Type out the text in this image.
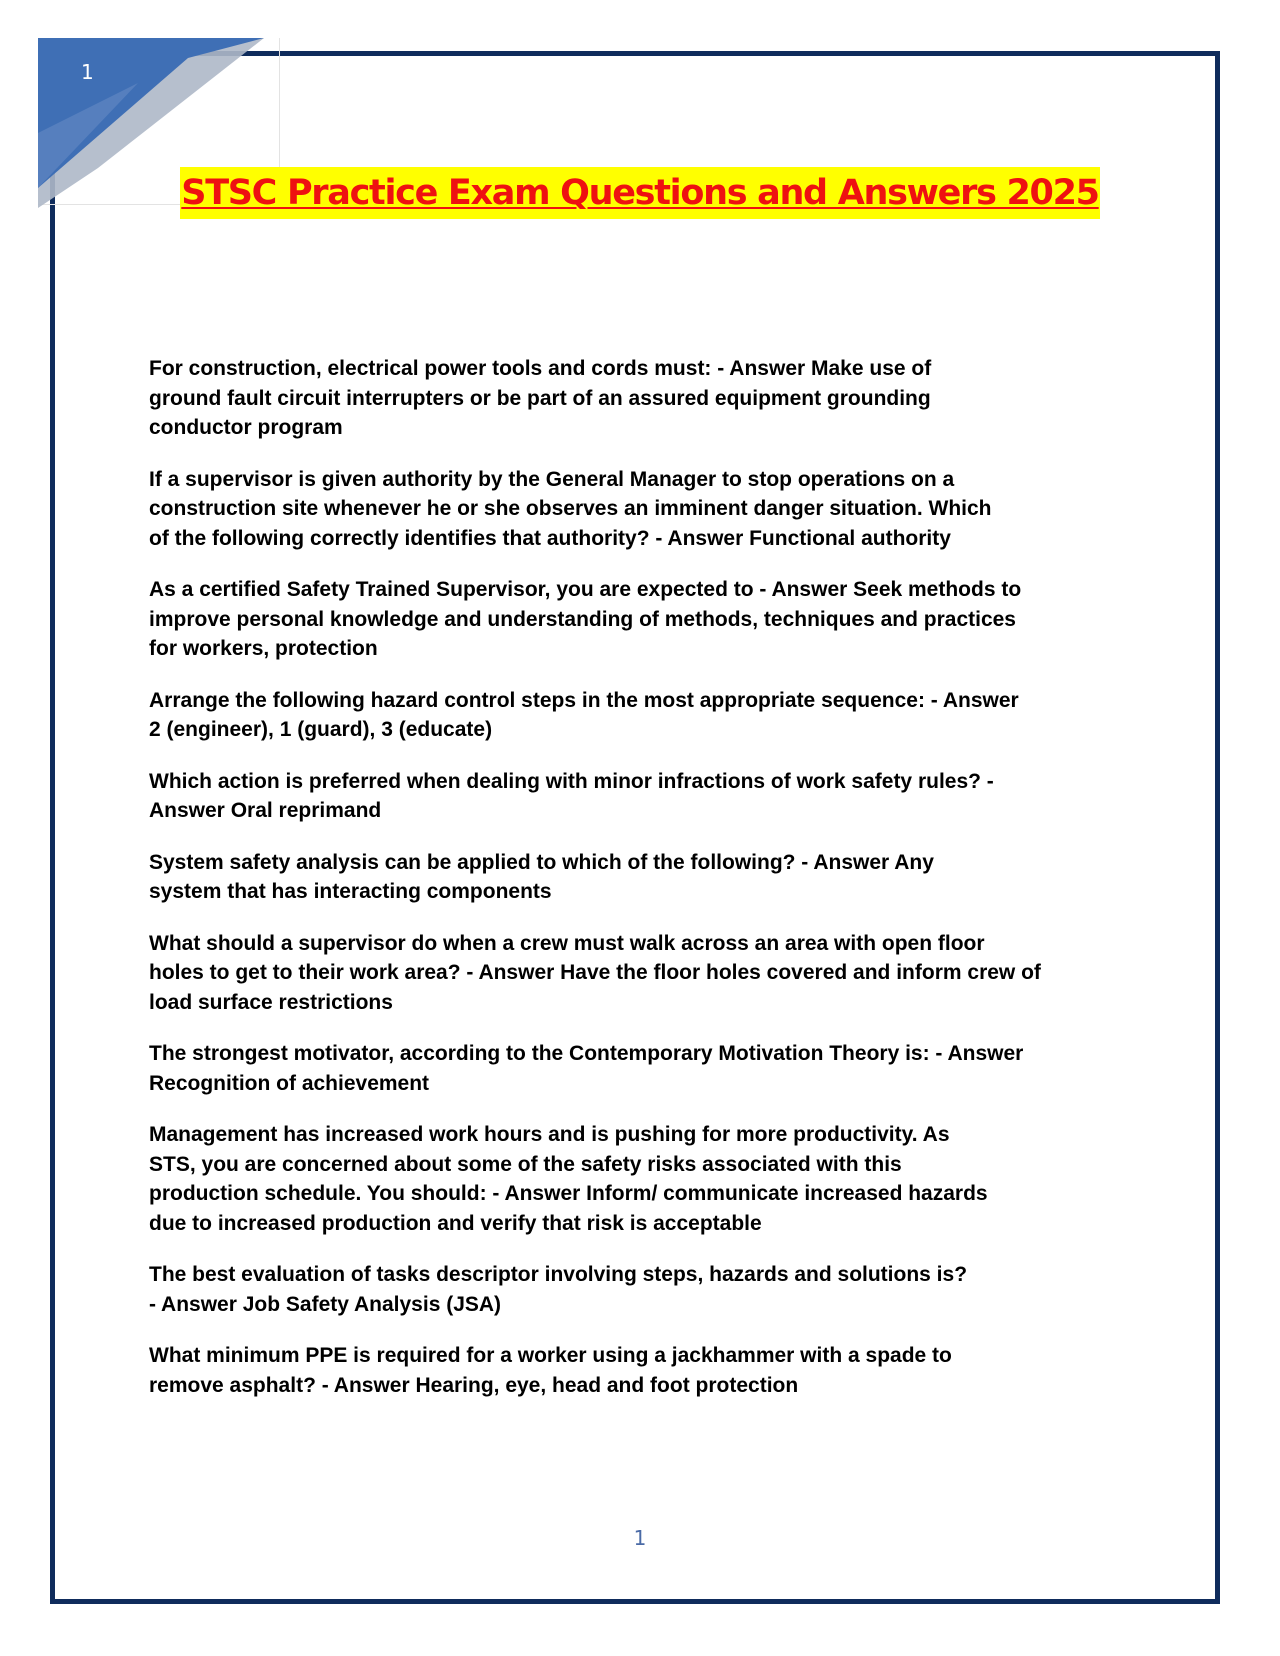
1
STSC Practice Exam Questions and Answers 2025
For construction, electrical power tools and cords must: - Answer Make use of
ground fault circuit interrupters or be part of an assured equipment grounding
conductor program
If a supervisor is given authority by the General Manager to stop operations on a
construction site whenever he or she observes an imminent danger situation. Which
of the following correctly identifies that authority? - Answer Functional authority
As a certified Safety Trained Supervisor, you are expected to - Answer Seek methods to
improve personal knowledge and understanding of methods, techniques and practices
for workers, protection
Arrange the following hazard control steps in the most appropriate sequence: - Answer
2 (engineer), 1 (guard), 3 (educate)
Which action is preferred when dealing with minor infractions of work safety rules? -
Answer Oral reprimand
System safety analysis can be applied to which of the following? - Answer Any
system that has interacting components
What should a supervisor do when a crew must walk across an area with open floor
holes to get to their work area? - Answer Have the floor holes covered and inform crew of
load surface restrictions
The strongest motivator, according to the Contemporary Motivation Theory is: - Answer
Recognition of achievement
Management has increased work hours and is pushing for more productivity. As
STS, you are concerned about some of the safety risks associated with this
production schedule. You should: - Answer Inform/ communicate increased hazards
due to increased production and verify that risk is acceptable
The best evaluation of tasks descriptor involving steps, hazards and solutions is?
- Answer Job Safety Analysis (JSA)
What minimum PPE is required for a worker using a jackhammer with a spade to
remove asphalt? - Answer Hearing, eye, head and foot protection
1
